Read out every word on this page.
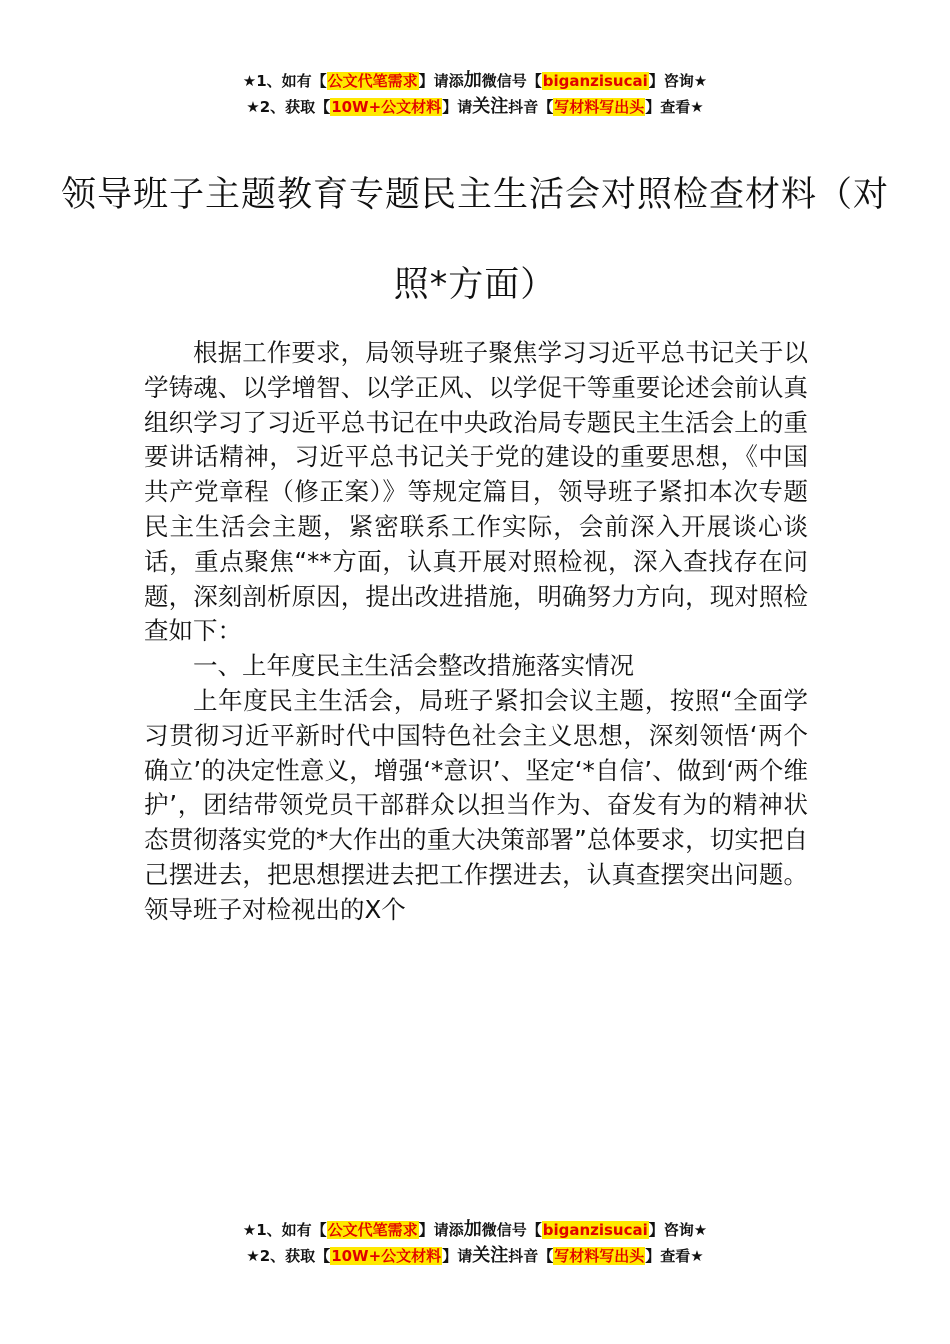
★1、如有【公文代笔需求】请添加微信号【biganzisucai】咨询★
★2、获取【10W+公文材料】请关注抖音【写材料写出头】查看★
领导班子主题教育专题民主生活会对照检查材料（对照*方面）

根据工作要求，局领导班子聚焦学习习近平总书记关于以学铸魂、以学增智、以学正风、以学促干等重要论述会前认真组织学习了习近平总书记在中央政治局专题民主生活会上的重要讲话精神，习近平总书记关于党的建设的重要思想，《中国共产党章程（修正案）》等规定篇目，领导班子紧扣本次专题民主生活会主题，紧密联系工作实际，会前深入开展谈心谈话，重点聚焦“**方面，认真开展对照检视，深入查找存在问题，深刻剖析原因，提出改进措施，明确努力方向，现对照检查如下：

一、上年度民主生活会整改措施落实情况

上年度民主生活会，局班子紧扣会议主题，按照“全面学习贯彻习近平新时代中国特色社会主义思想，深刻领悟‘两个确立’的决定性意义，增强‘*意识’、坚定‘*自信’、做到‘两个维护’，团结带领党员干部群众以担当作为、奋发有为的精神状态贯彻落实党的*大作出的重大决策部署”总体要求，切实把自己摆进去，把思想摆进去把工作摆进去，认真查摆突出问题。领导班子对检视出的X个

★1、如有【公文代笔需求】请添加微信号【biganzisucai】咨询★
★2、获取【10W+公文材料】请关注抖音【写材料写出头】查看★
